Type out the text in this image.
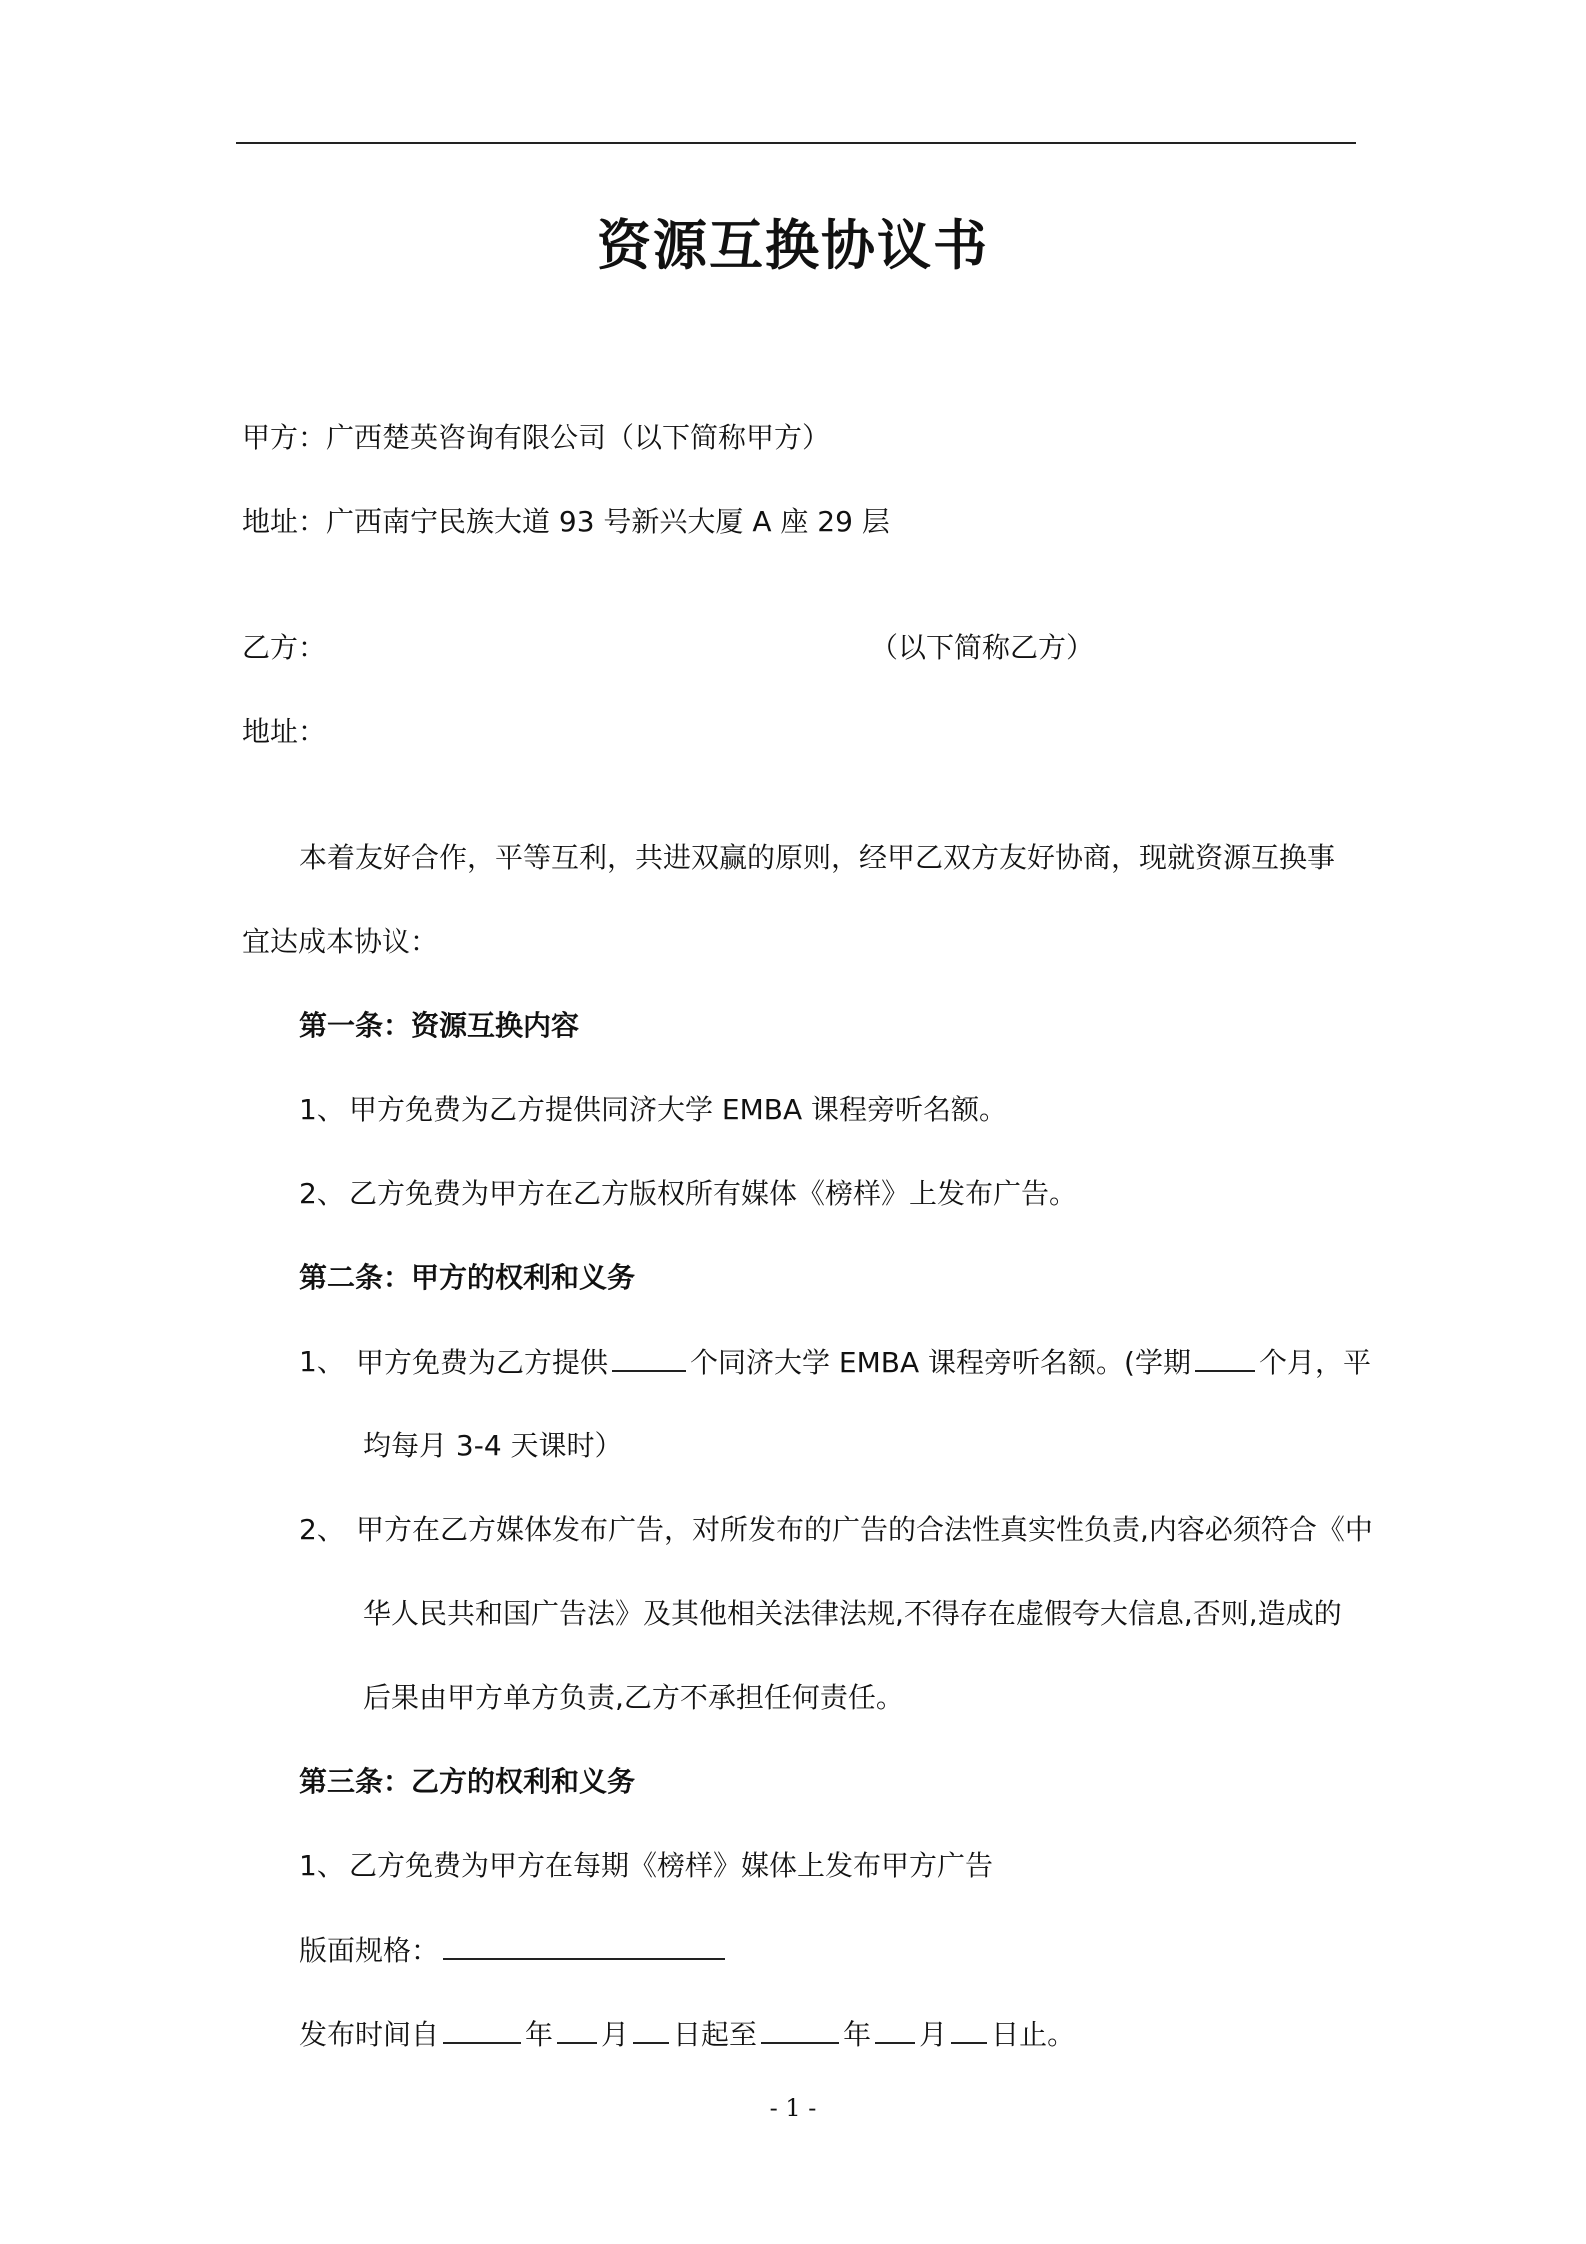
资源互换协议书
甲方：广西楚英咨询有限公司（以下简称甲方）
地址：广西南宁民族大道 93 号新兴大厦 A 座 29 层
乙方：	（以下简称乙方）
地址：
本着友好合作，平等互利，共进双赢的原则，经甲乙双方友好协商，现就资源互换事
宜达成本协议：
第一条：资源互换内容
1、 甲方免费为乙方提供同济大学 EMBA 课程旁听名额。
2、 乙方免费为甲方在乙方版权所有媒体《榜样》上发布广告。
第二条：甲方的权利和义务
1、 甲方免费为乙方提供	个同济大学 EMBA 课程旁听名额。(学期 个月，平
均每月 3-4 天课时）
2、 甲方在乙方媒体发布广告，对所发布的广告的合法性真实性负责,内容必须符合《中
华人民共和国广告法》及其他相关法律法规,不得存在虚假夸大信息,否则,造成的
后果由甲方单方负责,乙方不承担任何责任。
第三条：乙方的权利和义务
1、 乙方免费为甲方在每期《榜样》媒体上发布甲方广告
版面规格：
发布时间自	年 月 日起至	年 月 日止。
- 1 -
